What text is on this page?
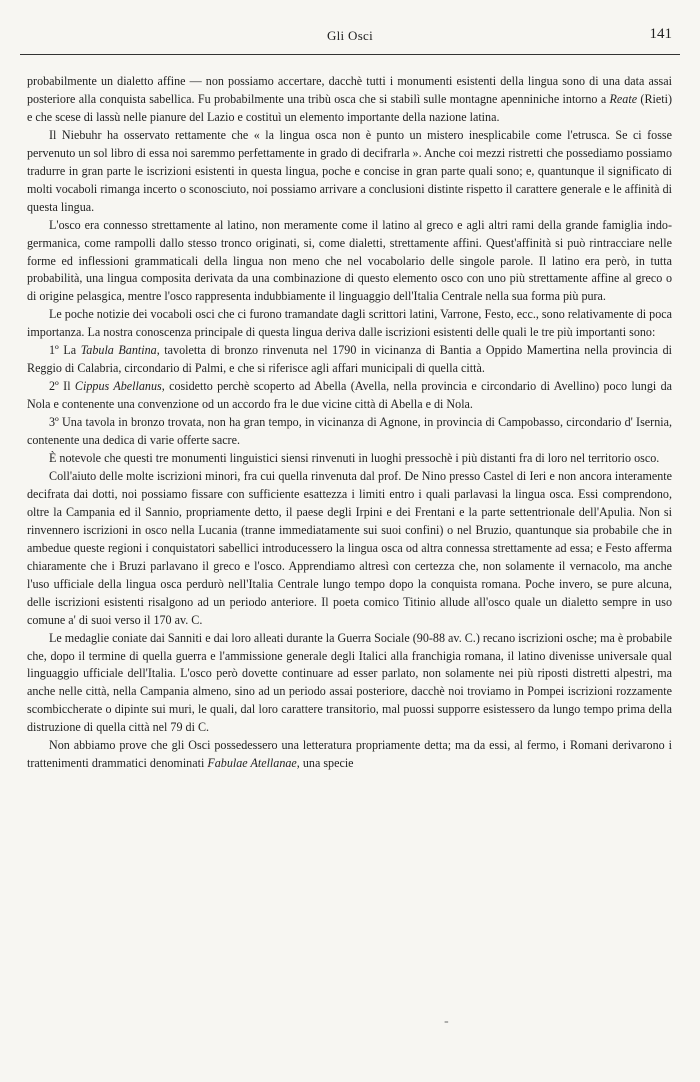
Gli Osci	141

probabilmente un dialetto affine — non possiamo accertare, dacchè tutti i monumenti esistenti della lingua sono di una data assai posteriore alla conquista sabellica. Fu probabilmente una tribù osca che si stabilì sulle montagne apenniniche intorno a Reate (Rieti) e che scese di lassù nelle pianure del Lazio e costituì un elemento importante della nazione latina.

Il Niebuhr ha osservato rettamente che « la lingua osca non è punto un mistero inesplicabile come l'etrusca. Se ci fosse pervenuto un sol libro di essa noi saremmo perfettamente in grado di decifrarla ». Anche coi mezzi ristretti che possediamo possiamo tradurre in gran parte le iscrizioni esistenti in questa lingua, poche e concise in gran parte quali sono; e, quantunque il significato di molti vocaboli rimanga incerto o sconosciuto, noi possiamo arrivare a conclusioni distinte rispetto il carattere generale e le affinità di questa lingua.

L'osco era connesso strettamente al latino, non meramente come il latino al greco e agli altri rami della grande famiglia indo-germanica, come rampolli dallo stesso tronco originati, si, come dialetti, strettamente affini. Quest'affinità si può rintracciare nelle forme ed inflessioni grammaticali della lingua non meno che nel vocabolario delle singole parole. Il latino era però, in tutta probabilità, una lingua composita derivata da una combinazione di questo elemento osco con uno più strettamente affine al greco o di origine pelasgica, mentre l'osco rappresenta indubbiamente il linguaggio dell'Italia Centrale nella sua forma più pura.

Le poche notizie dei vocaboli osci che ci furono tramandate dagli scrittori latini, Varrone, Festo, ecc., sono relativamente di poca importanza. La nostra conoscenza principale di questa lingua deriva dalle iscrizioni esistenti delle quali le tre più importanti sono:

1º La Tabula Bantina, tavoletta di bronzo rinvenuta nel 1790 in vicinanza di Bantia a Oppido Mamertina nella provincia di Reggio di Calabria, circondario di Palmi, e che si riferisce agli affari municipali di quella città.

2º Il Cippus Abellanus, cosidetto perchè scoperto ad Abella (Avella, nella provincia e circondario di Avellino) poco lungi da Nola e contenente una convenzione od un accordo fra le due vicine città di Abella e di Nola.

3º Una tavola in bronzo trovata, non ha gran tempo, in vicinanza di Agnone, in provincia di Campobasso, circondario d' Isernia, contenente una dedica di varie offerte sacre.

È notevole che questi tre monumenti linguistici siensi rinvenuti in luoghi pressochè i più distanti fra di loro nel territorio osco.

Coll'aiuto delle molte iscrizioni minori, fra cui quella rinvenuta dal prof. De Nino presso Castel di Ieri e non ancora interamente decifrata dai dotti, noi possiamo fissare con sufficiente esattezza i limiti entro i quali parlavasi la lingua osca. Essi comprendono, oltre la Campania ed il Sannio, propriamente detto, il paese degli Irpini e dei Frentani e la parte settentrionale dell'Apulia. Non si rinvennero iscrizioni in osco nella Lucania (tranne immediatamente sui suoi confini) o nel Bruzio, quantunque sia probabile che in ambedue queste regioni i conquistatori sabellici introducessero la lingua osca od altra connessa strettamente ad essa; e Festo afferma chiaramente che i Bruzi parlavano il greco e l'osco. Apprendiamo altresì con certezza che, non solamente il vernacolo, ma anche l'uso ufficiale della lingua osca perdurò nell'Italia Centrale lungo tempo dopo la conquista romana. Poche invero, se pure alcuna, delle iscrizioni esistenti risalgono ad un periodo anteriore. Il poeta comico Titinio allude all'osco quale un dialetto sempre in uso comune a' di suoi verso il 170 av. C.

Le medaglie coniate dai Sanniti e dai loro alleati durante la Guerra Sociale (90-88 av. C.) recano iscrizioni osche; ma è probabile che, dopo il termine di quella guerra e l'ammissione generale degli Italici alla franchigia romana, il latino divenisse universale qual linguaggio ufficiale dell'Italia. L'osco però dovette continuare ad esser parlato, non solamente nei più riposti distretti alpestri, ma anche nelle città, nella Campania almeno, sino ad un periodo assai posteriore, dacchè noi troviamo in Pompei iscrizioni rozzamente scombiccherate o dipinte sui muri, le quali, dal loro carattere transitorio, mal puossi supporre esistessero da lungo tempo prima della distruzione di quella città nel 79 di C.

Non abbiamo prove che gli Osci possedessero una letteratura propriamente detta; ma da essi, al fermo, i Romani derivarono i trattenimenti drammatici denominati Fabulae Atellanae, una specie

⁼
